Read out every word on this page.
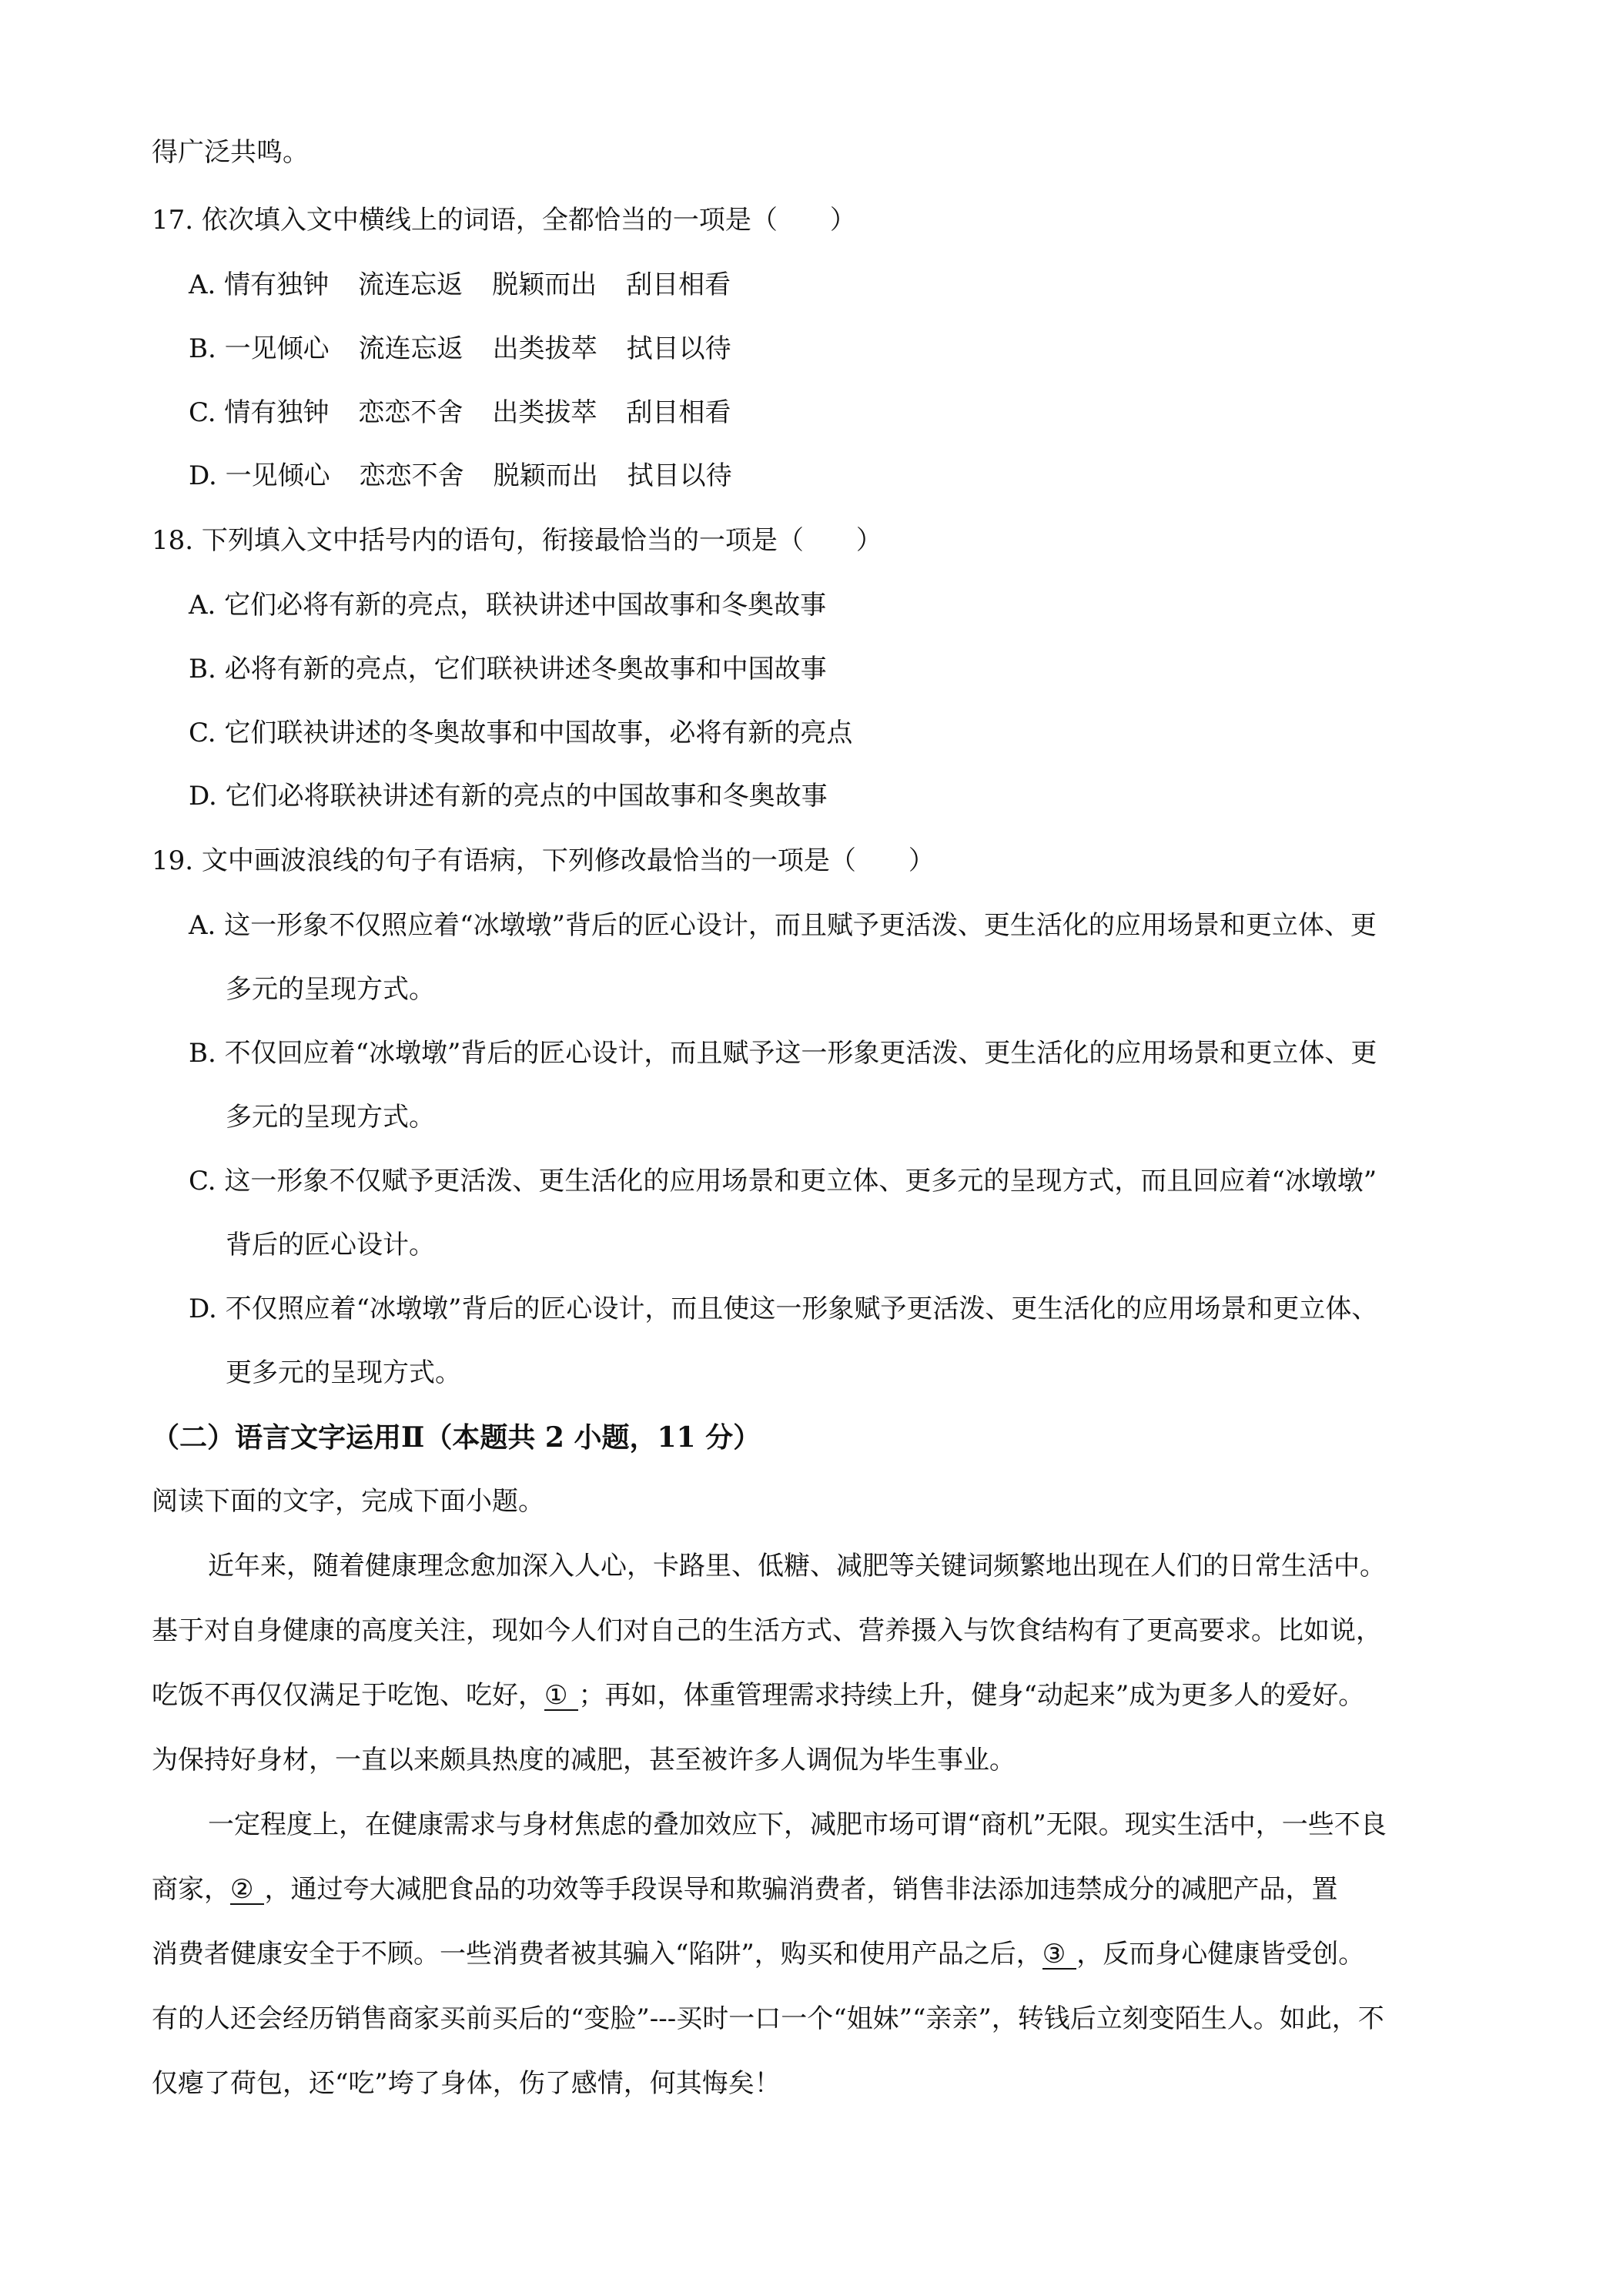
得广泛共鸣。
17. 依次填入文中横线上的词语，全都恰当的一项是（　　）
A. 情有独钟 流连忘返 脱颖而出 刮目相看
B. 一见倾心 流连忘返 出类拔萃 拭目以待
C. 情有独钟 恋恋不舍 出类拔萃 刮目相看
D. 一见倾心 恋恋不舍 脱颖而出 拭目以待
18. 下列填入文中括号内的语句，衔接最恰当的一项是（　　）
A. 它们必将有新的亮点，联袂讲述中国故事和冬奥故事
B. 必将有新的亮点，它们联袂讲述冬奥故事和中国故事
C. 它们联袂讲述的冬奥故事和中国故事，必将有新的亮点
D. 它们必将联袂讲述有新的亮点的中国故事和冬奥故事
19. 文中画波浪线的句子有语病，下列修改最恰当的一项是（　　）
A. 这一形象不仅照应着“冰墩墩”背后的匠心设计，而且赋予更活泼、更生活化的应用场景和更立体、更
多元的呈现方式。
B. 不仅回应着“冰墩墩”背后的匠心设计，而且赋予这一形象更活泼、更生活化的应用场景和更立体、更
多元的呈现方式。
C. 这一形象不仅赋予更活泼、更生活化的应用场景和更立体、更多元的呈现方式，而且回应着“冰墩墩”
背后的匠心设计。
D. 不仅照应着“冰墩墩”背后的匠心设计，而且使这一形象赋予更活泼、更生活化的应用场景和更立体、
更多元的呈现方式。
（二）语言文字运用Ⅱ（本题共 2 小题，11 分）
阅读下面的文字，完成下面小题。
近年来，随着健康理念愈加深入人心，卡路里、低糖、减肥等关键词频繁地出现在人们的日常生活中。
基于对自身健康的高度关注，现如今人们对自己的生活方式、营养摄入与饮食结构有了更高要求。比如说，
吃饭不再仅仅满足于吃饱、吃好，① ；再如，体重管理需求持续上升，健身“动起来”成为更多人的爱好。
为保持好身材，一直以来颇具热度的减肥，甚至被许多人调侃为毕生事业。
一定程度上，在健康需求与身材焦虑的叠加效应下，减肥市场可谓“商机”无限。现实生活中，一些不良
商家，② ，通过夸大减肥食品的功效等手段误导和欺骗消费者，销售非法添加违禁成分的减肥产品，置
消费者健康安全于不顾。一些消费者被其骗入“陷阱”，购买和使用产品之后，③ ，反而身心健康皆受创。
有的人还会经历销售商家买前买后的“变脸”---买时一口一个“姐妹”“亲亲”，转钱后立刻变陌生人。如此，不
仅瘪了荷包，还“吃”垮了身体，伤了感情，何其悔矣！
